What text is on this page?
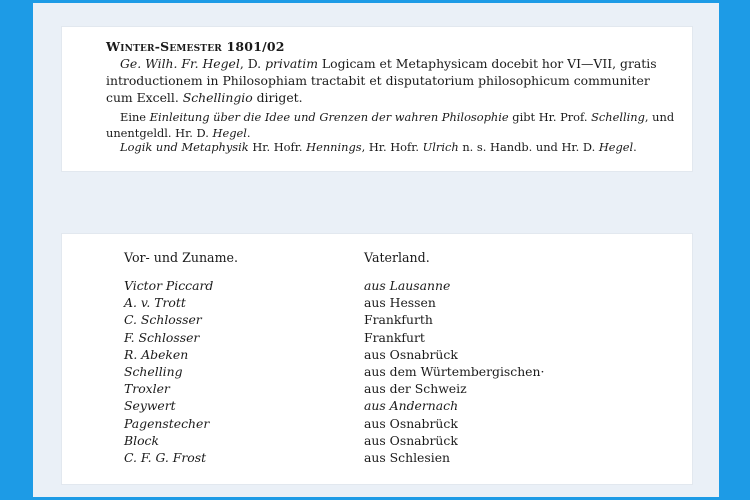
Winter-Semester 1801/02
Ge. Wilh. Fr. Hegel, D. privatim Logicam et Metaphysicam docebit hor VI—VII, gratis introductionem in Philosophiam tractabit et disputatorium philosophicum communiter cum Excell. Schellingio diriget.
Eine Einleitung über die Idee und Grenzen der wahren Philosophie gibt Hr. Prof. Schelling, und unentgeldl. Hr. D. Hegel.
Logik und Metaphysik Hr. Hofr. Hennings, Hr. Hofr. Ulrich n. s. Handb. und Hr. D. Hegel.
Vor- und Zuname.	Vaterland.
Victor Piccard	aus Lausanne
A. v. Trott	aus Hessen
C. Schlosser	Frankfurth
F. Schlosser	Frankfurt
R. Abeken	aus Osnabrück
Schelling	aus dem Würtembergischen·
Troxler	aus der Schweiz
Seywert	aus Andernach
Pagenstecher	aus Osnabrück
Block	aus Osnabrück
C. F. G. Frost	aus Schlesien
